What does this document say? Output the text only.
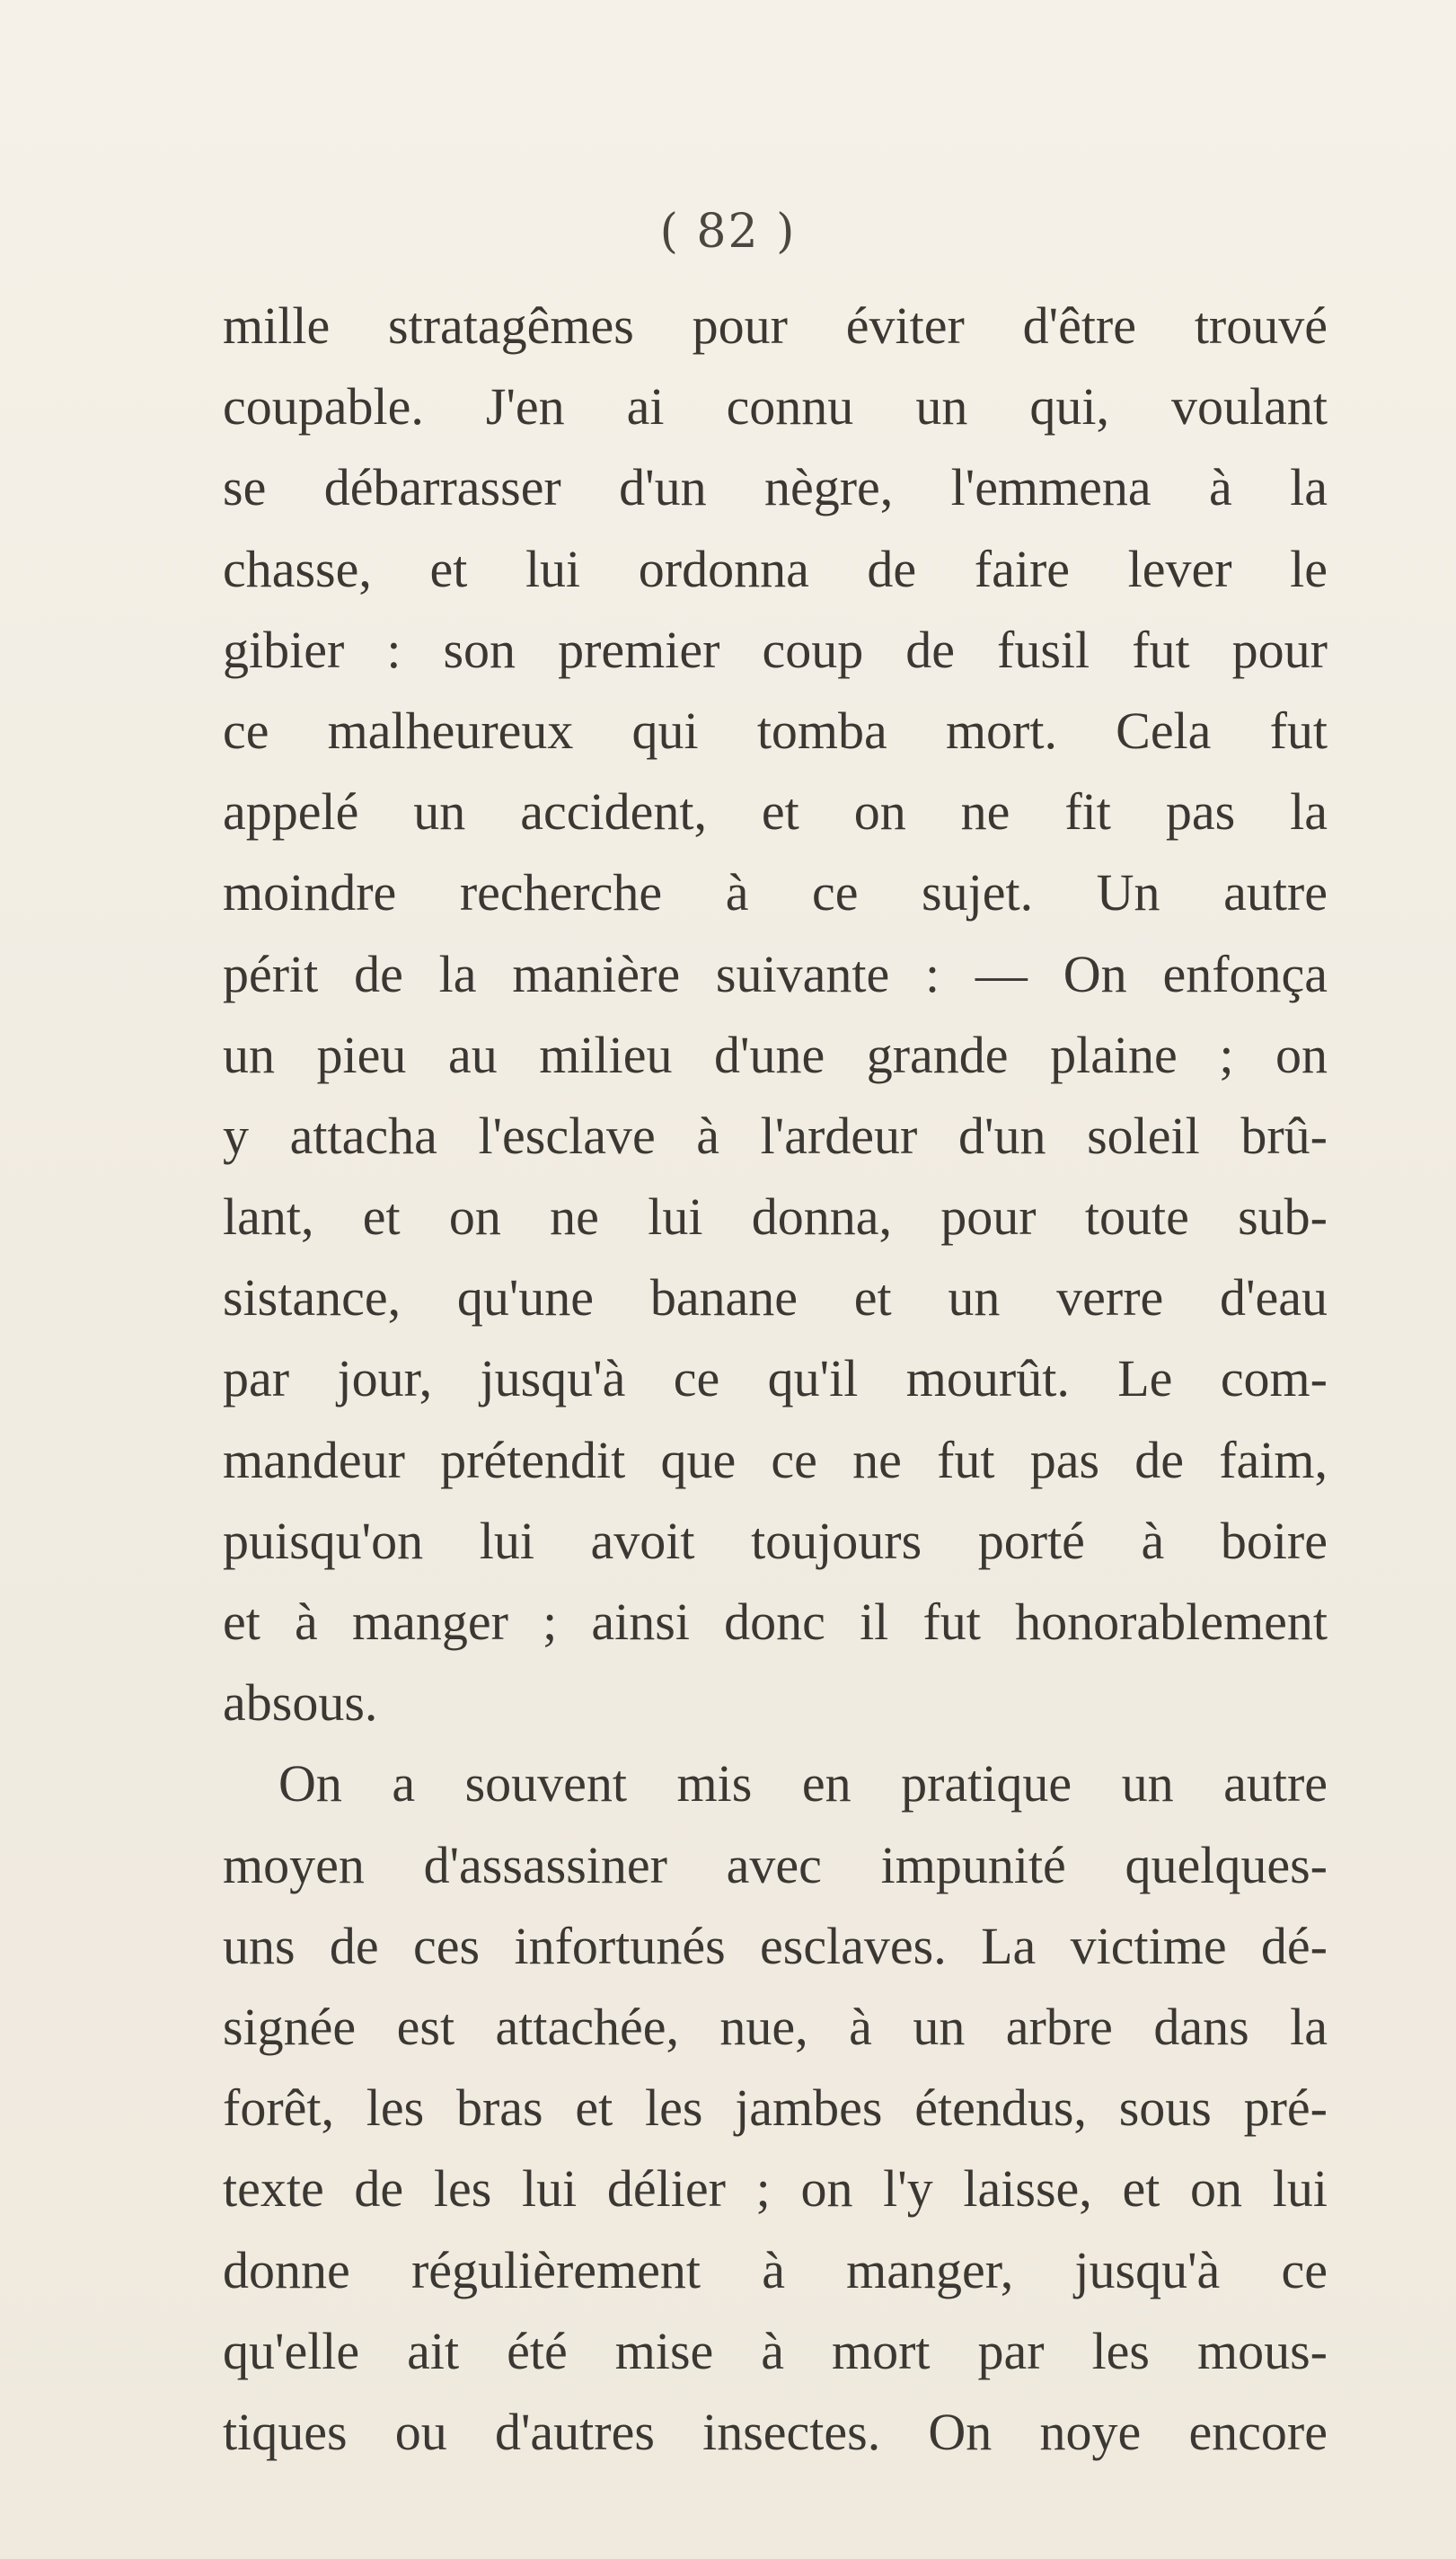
( 82 )
mille stratagêmes pour éviter d'être trouvé
coupable. J'en ai connu un qui, voulant
se débarrasser d'un nègre, l'emmena à la
chasse, et lui ordonna de faire lever le
gibier : son premier coup de fusil fut pour
ce malheureux qui tomba mort. Cela fut
appelé un accident, et on ne fit pas la
moindre recherche à ce sujet. Un autre
périt de la manière suivante : — On enfonça
un pieu au milieu d'une grande plaine ; on
y attacha l'esclave à l'ardeur d'un soleil brû-
lant, et on ne lui donna, pour toute sub-
sistance, qu'une banane et un verre d'eau
par jour, jusqu'à ce qu'il mourût. Le com-
mandeur prétendit que ce ne fut pas de faim,
puisqu'on lui avoit toujours porté à boire
et à manger ; ainsi donc il fut honorablement
absous.
On a souvent mis en pratique un autre
moyen d'assassiner avec impunité quelques-
uns de ces infortunés esclaves. La victime dé-
signée est attachée, nue, à un arbre dans la
forêt, les bras et les jambes étendus, sous pré-
texte de les lui délier ; on l'y laisse, et on lui
donne régulièrement à manger, jusqu'à ce
qu'elle ait été mise à mort par les mous-
tiques ou d'autres insectes. On noye encore
